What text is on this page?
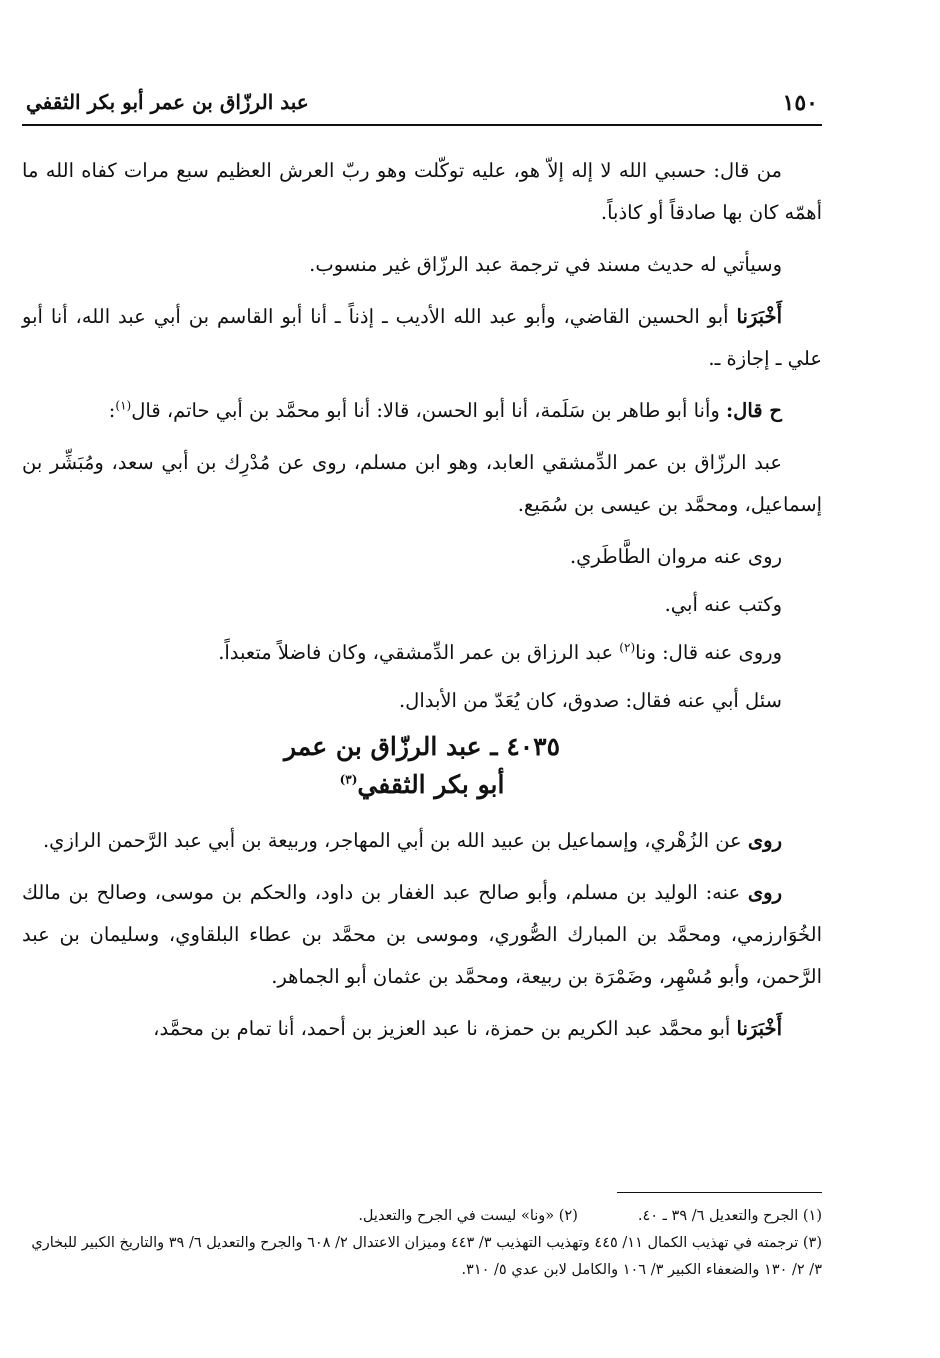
١٥٠
عبد الرزّاق بن عمر أبو بكر الثقفي

من قال: حسبي الله لا إله إلاّ هو، عليه توكّلت وهو ربّ العرش العظيم سبع مرات كفاه الله ما أهمّه كان بها صادقاً أو كاذباً.

وسيأتي له حديث مسند في ترجمة عبد الرزّاق غير منسوب.

أَخْبَرَنا أبو الحسين القاضي، وأبو عبد الله الأديب ـ إذناً ـ أنا أبو القاسم بن أبي عبد الله، أنا أبو علي ـ إجازة ـ.

ح قال: وأنا أبو طاهر بن سَلَمة، أنا أبو الحسن، قالا: أنا أبو محمَّد بن أبي حاتم، قال$^{(١)}$:

عبد الرزّاق بن عمر الدِّمشقي العابد، وهو ابن مسلم، روى عن مُدْرِك بن أبي سعد، ومُبَشِّر بن إسماعيل، ومحمَّد بن عيسى بن سُمَيع.

روى عنه مروان الطَّاطَري.

وكتب عنه أبي.

وروى عنه قال: ونا$^{(٢)}$ عبد الرزاق بن عمر الدِّمشقي، وكان فاضلاً متعبداً.

سئل أبي عنه فقال: صدوق، كان يُعَدّ من الأبدال.

٤٠٣٥ ـ عبد الرزّاق بن عمر
أبو بكر الثقفي$^{(٣)}$

روى عن الزُهْري، وإسماعيل بن عبيد الله بن أبي المهاجر، وربيعة بن أبي عبد الرَّحمن الرازي.

روى عنه: الوليد بن مسلم، وأبو صالح عبد الغفار بن داود، والحكم بن موسى، وصالح بن مالك الخُوَارزمي، ومحمَّد بن المبارك الصُّوري، وموسى بن محمَّد بن عطاء البلقاوي، وسليمان بن عبد الرَّحمن، وأبو مُسْهِر، وضَمْرَة بن ربيعة، ومحمَّد بن عثمان أبو الجماهر.

أَخْبَرَنا أبو محمَّد عبد الكريم بن حمزة، نا عبد العزيز بن أحمد، أنا تمام بن محمَّد،

(١) الجرح والتعديل ٦/ ٣٩ ـ ٤٠.

(٢) «ونا» ليست في الجرح والتعديل.

(٣) ترجمته في تهذيب الكمال ١١/ ٤٤٥ وتهذيب التهذيب ٣/ ٤٤٣ وميزان الاعتدال ٢/ ٦٠٨ والجرح والتعديل ٦/ ٣٩ والتاريخ الكبير للبخاري ٣/ ٢/ ١٣٠ والضعفاء الكبير ٣/ ١٠٦ والكامل لابن عدي ٥/ ٣١٠.
